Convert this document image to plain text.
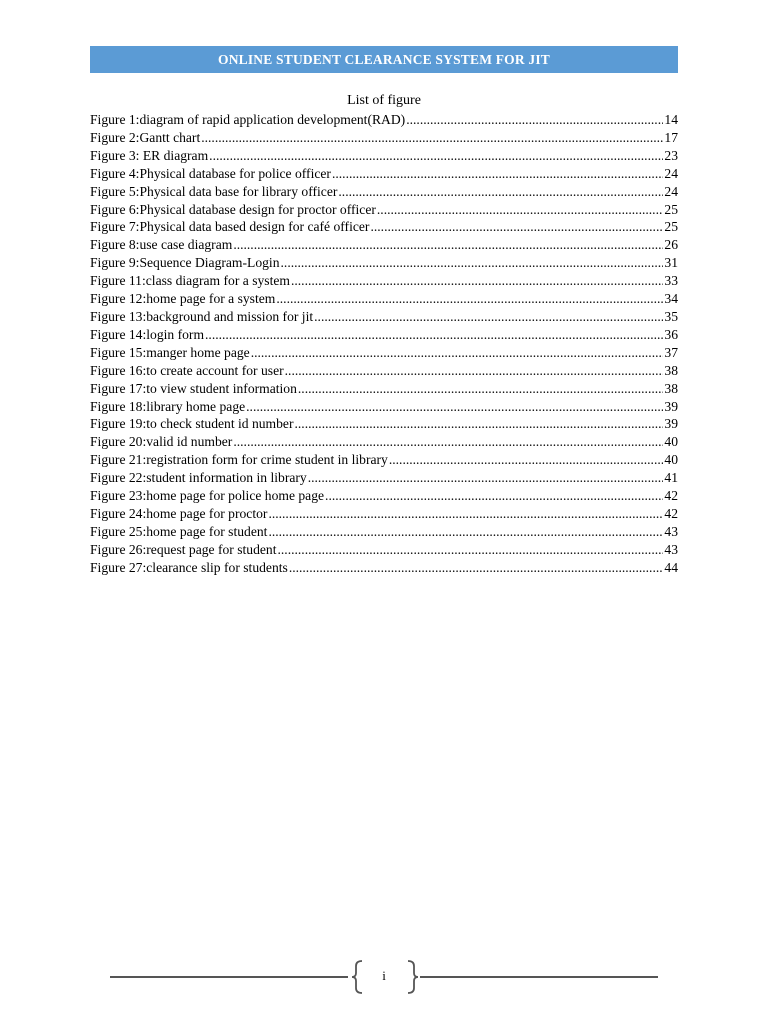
ONLINE STUDENT CLEARANCE SYSTEM FOR JIT
List of figure
Figure 1:diagram of rapid application development(RAD) .....	14
Figure 2:Gantt chart .....	17
Figure 3: ER diagram .....	23
Figure 4:Physical database for police officer .....	24
Figure 5:Physical data base for library officer .....	24
Figure 6:Physical database design for proctor officer .....	25
Figure 7:Physical data based design for café officer .....	25
Figure 8:use case diagram .....	26
Figure 9:Sequence Diagram-Login .....	31
Figure 11:class diagram for a system .....	33
Figure 12:home page for a system .....	34
Figure 13:background and mission for jit .....	35
Figure 14:login form .....	36
Figure 15:manger home page .....	37
Figure 16:to create account for user .....	38
Figure 17:to view student information .....	38
Figure 18:library home page .....	39
Figure 19:to check student id number .....	39
Figure 20:valid id number .....	40
Figure 21:registration form for crime student in library .....	40
Figure 22:student information in library .....	41
Figure 23:home page for police home page .....	42
Figure 24:home page for proctor .....	42
Figure 25:home page for student .....	43
Figure 26:request page for student .....	43
Figure 27:clearance slip for students .....	44
i
